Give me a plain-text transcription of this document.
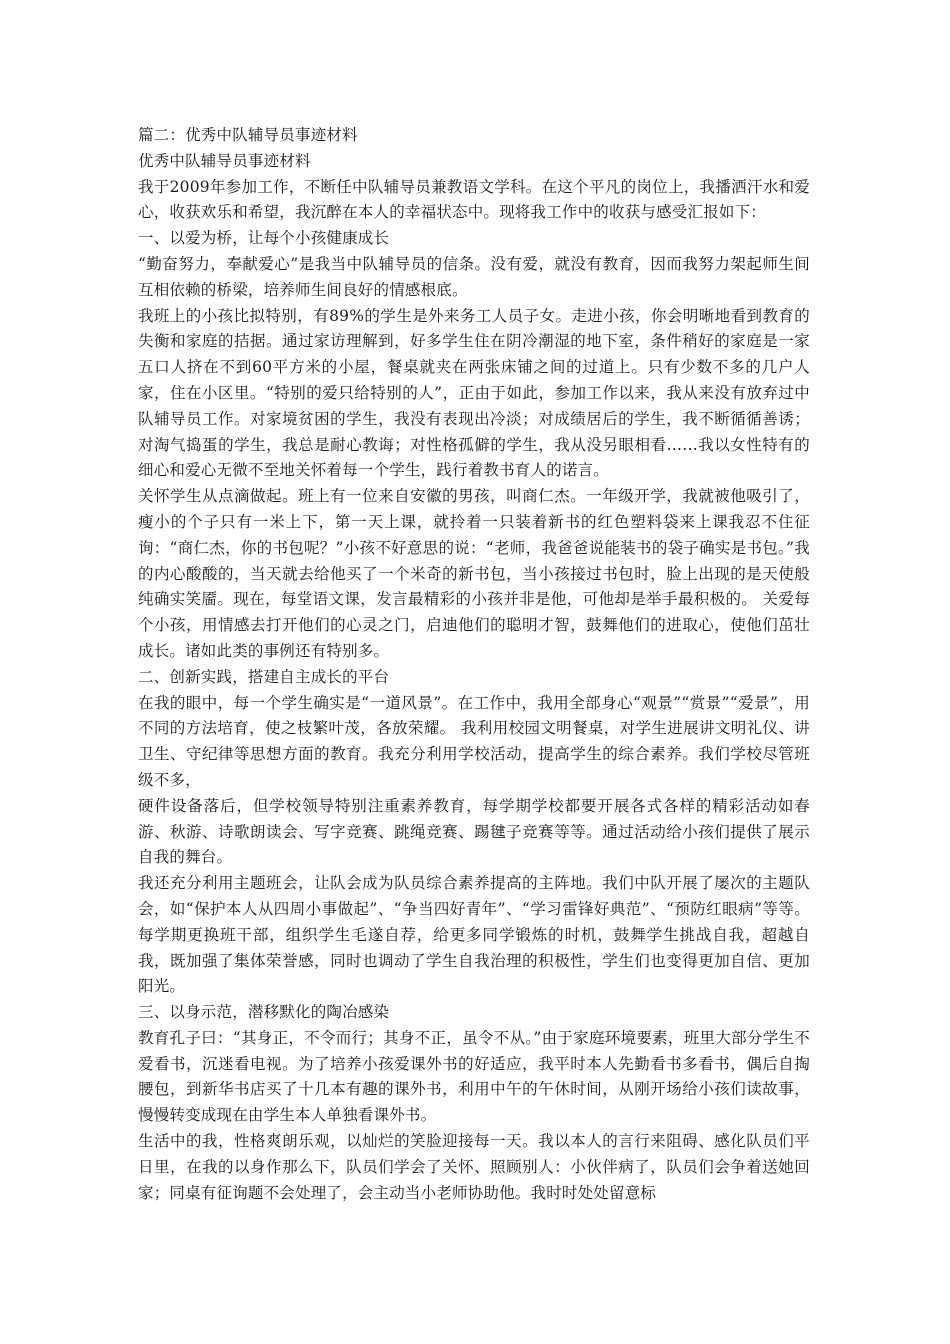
篇二：优秀中队辅导员事迹材料

优秀中队辅导员事迹材料

我于2009年参加工作，不断任中队辅导员兼教语文学科。在这个平凡的岗位上，我播洒汗水和爱心，收获欢乐和希望，我沉醉在本人的幸福状态中。现将我工作中的收获与感受汇报如下：

一、以爱为桥，让每个小孩健康成长

“勤奋努力，奉献爱心”是我当中队辅导员的信条。没有爱，就没有教育，因而我努力架起师生间互相依赖的桥梁，培养师生间良好的情感根底。

我班上的小孩比拟特别，有89%的学生是外来务工人员子女。走进小孩，你会明晰地看到教育的失衡和家庭的拮据。通过家访理解到，好多学生住在阴冷潮湿的地下室，条件稍好的家庭是一家五口人挤在不到60平方米的小屋，餐桌就夹在两张床铺之间的过道上。只有少数不多的几户人家，住在小区里。“特别的爱只给特别的人”，正由于如此，参加工作以来，我从来没有放弃过中队辅导员工作。对家境贫困的学生，我没有表现出冷淡；对成绩居后的学生，我不断循循善诱；对淘气捣蛋的学生，我总是耐心教诲；对性格孤僻的学生，我从没另眼相看……我以女性特有的细心和爱心无微不至地关怀着每一个学生，践行着教书育人的诺言。

关怀学生从点滴做起。班上有一位来自安徽的男孩，叫商仁杰。一年级开学，我就被他吸引了，瘦小的个子只有一米上下，第一天上课，就拎着一只装着新书的红色塑料袋来上课我忍不住征询：“商仁杰，你的书包呢？”小孩不好意思的说：“老师，我爸爸说能装书的袋子确实是书包。”我的内心酸酸的，当天就去给他买了一个米奇的新书包，当小孩接过书包时，脸上出现的是天使般纯确实笑靥。现在，每堂语文课，发言最精彩的小孩并非是他，可他却是举手最积极的。 关爱每个小孩，用情感去打开他们的心灵之门，启迪他们的聪明才智，鼓舞他们的进取心，使他们茁壮成长。诸如此类的事例还有特别多。

二、创新实践，搭建自主成长的平台

在我的眼中，每一个学生确实是“一道风景”。在工作中，我用全部身心“观景”“赏景”“爱景”，用不同的方法培育，使之枝繁叶茂，各放荣耀。 我利用校园文明餐桌，对学生进展讲文明礼仪、讲卫生、守纪律等思想方面的教育。我充分利用学校活动，提高学生的综合素养。我们学校尽管班级不多，

硬件设备落后，但学校领导特别注重素养教育，每学期学校都要开展各式各样的精彩活动如春游、秋游、诗歌朗读会、写字竞赛、跳绳竞赛、踢毽子竞赛等等。通过活动给小孩们提供了展示自我的舞台。

我还充分利用主题班会，让队会成为队员综合素养提高的主阵地。我们中队开展了屡次的主题队会，如“保护本人从四周小事做起”、“争当四好青年”、“学习雷锋好典范”、“预防红眼病”等等。每学期更换班干部，组织学生毛遂自荐，给更多同学锻炼的时机，鼓舞学生挑战自我，超越自我，既加强了集体荣誉感，同时也调动了学生自我治理的积极性，学生们也变得更加自信、更加阳光。

三、以身示范，潜移默化的陶冶感染

教育孔子曰：“其身正，不令而行；其身不正，虽令不从。”由于家庭环境要素，班里大部分学生不爱看书，沉迷看电视。为了培养小孩爱课外书的好适应，我平时本人先勤看书多看书，偶后自掏腰包，到新华书店买了十几本有趣的课外书，利用中午的午休时间，从刚开场给小孩们读故事，慢慢转变成现在由学生本人单独看课外书。

生活中的我，性格爽朗乐观，以灿烂的笑脸迎接每一天。我以本人的言行来阻碍、感化队员们平日里，在我的以身作那么下，队员们学会了关怀、照顾别人：小伙伴病了，队员们会争着送她回家；同桌有征询题不会处理了，会主动当小老师协助他。我时时处处留意标
